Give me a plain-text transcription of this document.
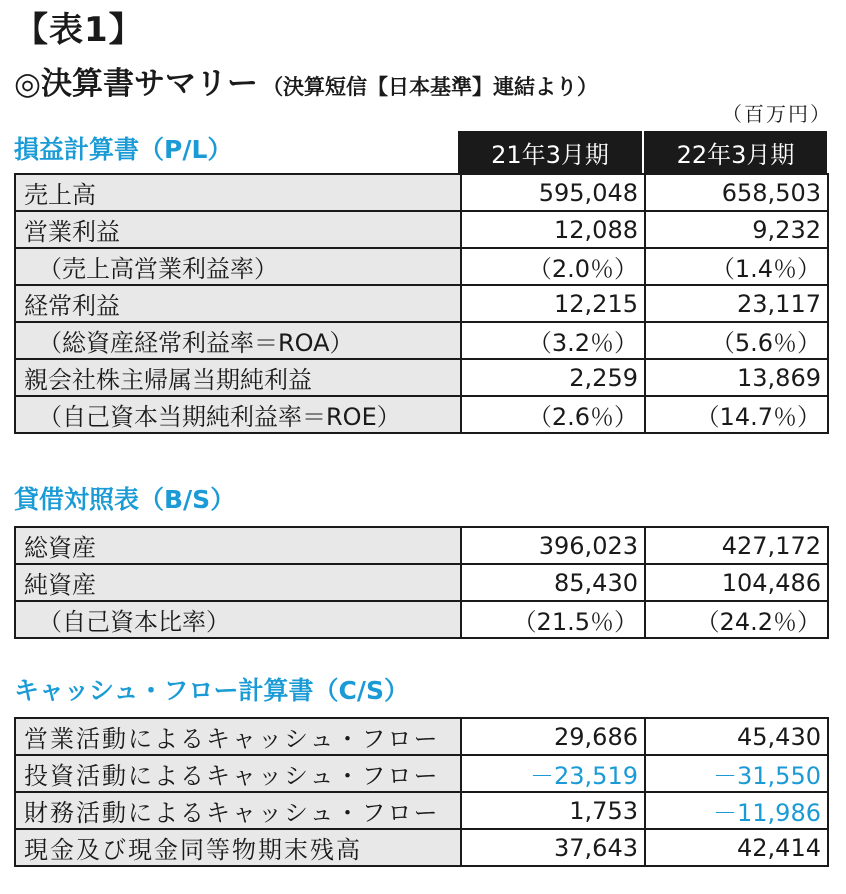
【表1】
◎決算書サマリー （決算短信【日本基準】連結より）
（百万円）
損益計算書（P/L）	21年3月期	22年3月期
売上高	595,048	658,503
営業利益	12,088	9,232
（売上高営業利益率）	（2.0％）	（1.4％）
経常利益	12,215	23,117
（総資産経常利益率＝ROA）	（3.2％）	（5.6％）
親会社株主帰属当期純利益	2,259	13,869
（自己資本当期純利益率＝ROE）	（2.6％）	（14.7％）
貸借対照表（B/S）
総資産	396,023	427,172
純資産	85,430	104,486
（自己資本比率）	（21.5％）	（24.2％）
キャッシュ・フロー計算書（C/S）
営業活動によるキャッシュ・フロー	29,686	45,430
投資活動によるキャッシュ・フロー	－23,519	－31,550
財務活動によるキャッシュ・フロー	1,753	－11,986
現金及び現金同等物期末残高	37,643	42,414
